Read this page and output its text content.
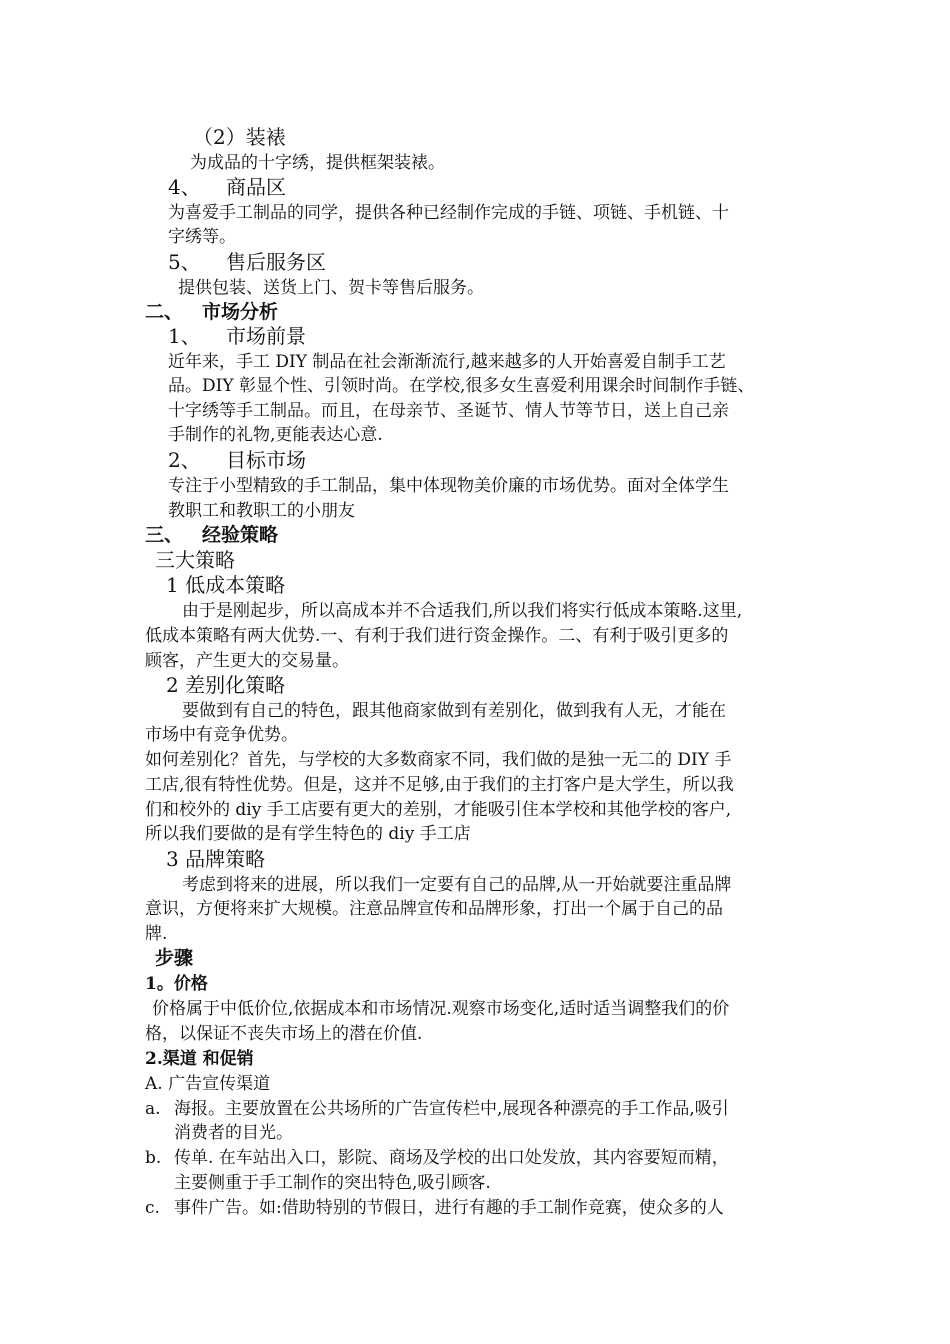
（2）装裱
为成品的十字绣，提供框架装裱。
4、 商品区
为喜爱手工制品的同学，提供各种已经制作完成的手链、项链、手机链、十
字绣等。
5、 售后服务区
提供包装、送货上门、贺卡等售后服务。
二、 市场分析
1、 市场前景
近年来，手工 DIY 制品在社会渐渐流行,越来越多的人开始喜爱自制手工艺
品。DIY 彰显个性、引领时尚。在学校,很多女生喜爱利用课余时间制作手链、
十字绣等手工制品。而且，在母亲节、圣诞节、情人节等节日，送上自己亲
手制作的礼物,更能表达心意.
2、 目标市场
专注于小型精致的手工制品，集中体现物美价廉的市场优势。面对全体学生
教职工和教职工的小朋友
三、 经验策略
三大策略
1 低成本策略
由于是刚起步，所以高成本并不合适我们,所以我们将实行低成本策略.这里,
低成本策略有两大优势.一、有利于我们进行资金操作。二、有利于吸引更多的
顾客，产生更大的交易量。
2 差别化策略
要做到有自己的特色，跟其他商家做到有差别化，做到我有人无，才能在
市场中有竞争优势。
如何差别化？首先，与学校的大多数商家不同，我们做的是独一无二的 DIY 手
工店,很有特性优势。但是，这并不足够,由于我们的主打客户是大学生，所以我
们和校外的 diy 手工店要有更大的差别，才能吸引住本学校和其他学校的客户,
所以我们要做的是有学生特色的 diy 手工店
3 品牌策略
考虑到将来的进展，所以我们一定要有自己的品牌,从一开始就要注重品牌
意识，方便将来扩大规模。注意品牌宣传和品牌形象，打出一个属于自己的品
牌.
步骤
1。价格
价格属于中低价位,依据成本和市场情况.观察市场变化,适时适当调整我们的价
格，以保证不丧失市场上的潜在价值.
2.渠道 和促销
A. 广告宣传渠道
a. 海报。主要放置在公共场所的广告宣传栏中,展现各种漂亮的手工作品,吸引
消费者的目光。
b. 传单. 在车站出入口，影院、商场及学校的出口处发放，其内容要短而精，
主要侧重于手工制作的突出特色,吸引顾客.
c. 事件广告。如:借助特别的节假日，进行有趣的手工制作竞赛，使众多的人
